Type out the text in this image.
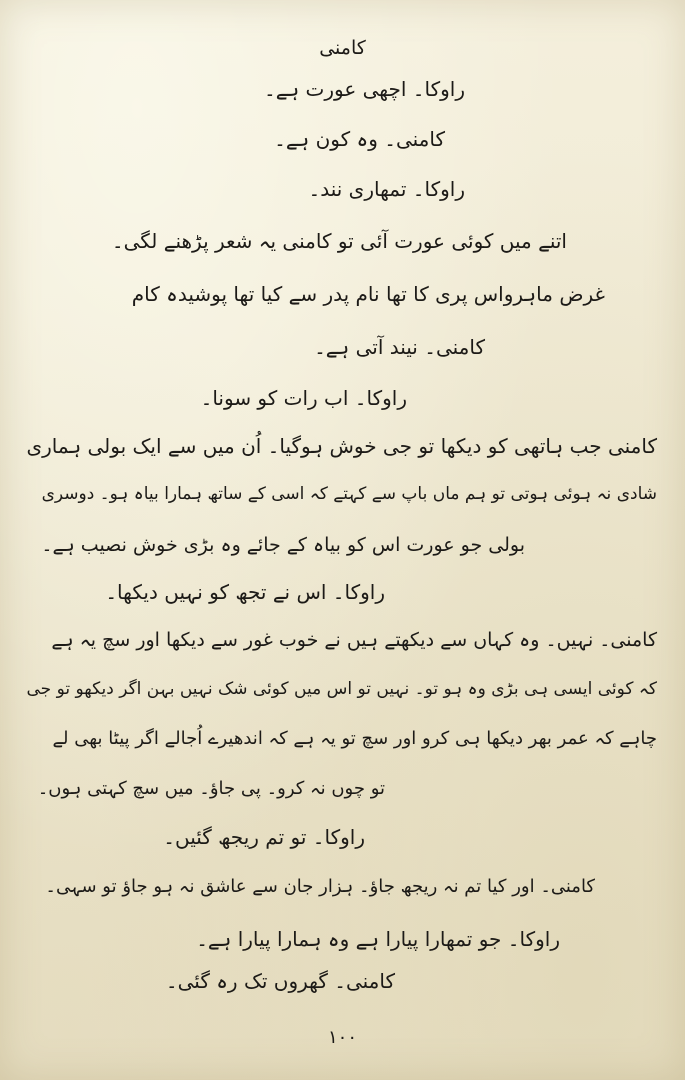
کامنی
راوکا۔ اچھی عورت ہے۔
کامنی۔ وہ کون ہے۔
راوکا۔ تمھاری نند۔
اتنے میں کوئی عورت آئی تو کامنی یہ شعر پڑھنے لگی۔
غرض ماہرواس پری کا تھا نام پدر سے کیا تھا پوشیدہ کام
کامنی۔ نیند آتی ہے۔
راوکا۔ اب رات کو سونا۔
کامنی جب ہاتھی کو دیکھا تو جی خوش ہوگیا۔ اُن میں سے ایک بولی ہماری
شادی نہ ہوئی ہوتی تو ہم ماں باپ سے کہتے کہ اسی کے ساتھ ہمارا بیاہ ہو۔ دوسری
بولی جو عورت اس کو بیاہ کے جائے وہ بڑی خوش نصیب ہے۔
راوکا۔ اس نے تجھ کو نہیں دیکھا۔
کامنی۔ نہیں۔ وہ کہاں سے دیکھتے ہیں نے خوب غور سے دیکھا اور سچ یہ ہے
کہ کوئی ایسی ہی بڑی وہ ہو تو۔ نہیں تو اس میں کوئی شک نہیں بہن اگر دیکھو تو جی
چاہے کہ عمر بھر دیکھا ہی کرو اور سچ تو یہ ہے کہ اندھیرے اُجالے اگر پیٹا بھی لے
تو چوں نہ کرو۔ پی جاؤ۔ میں سچ کہتی ہوں۔
راوکا۔ تو تم ریجھ گئیں۔
کامنی۔ اور کیا تم نہ ریجھ جاؤ۔ ہزار جان سے عاشق نہ ہو جاؤ تو سہی۔
راوکا۔ جو تمھارا پیارا ہے وہ ہمارا پیارا ہے۔
کامنی۔ گھروں تک رہ گئی۔
۱۰۰
